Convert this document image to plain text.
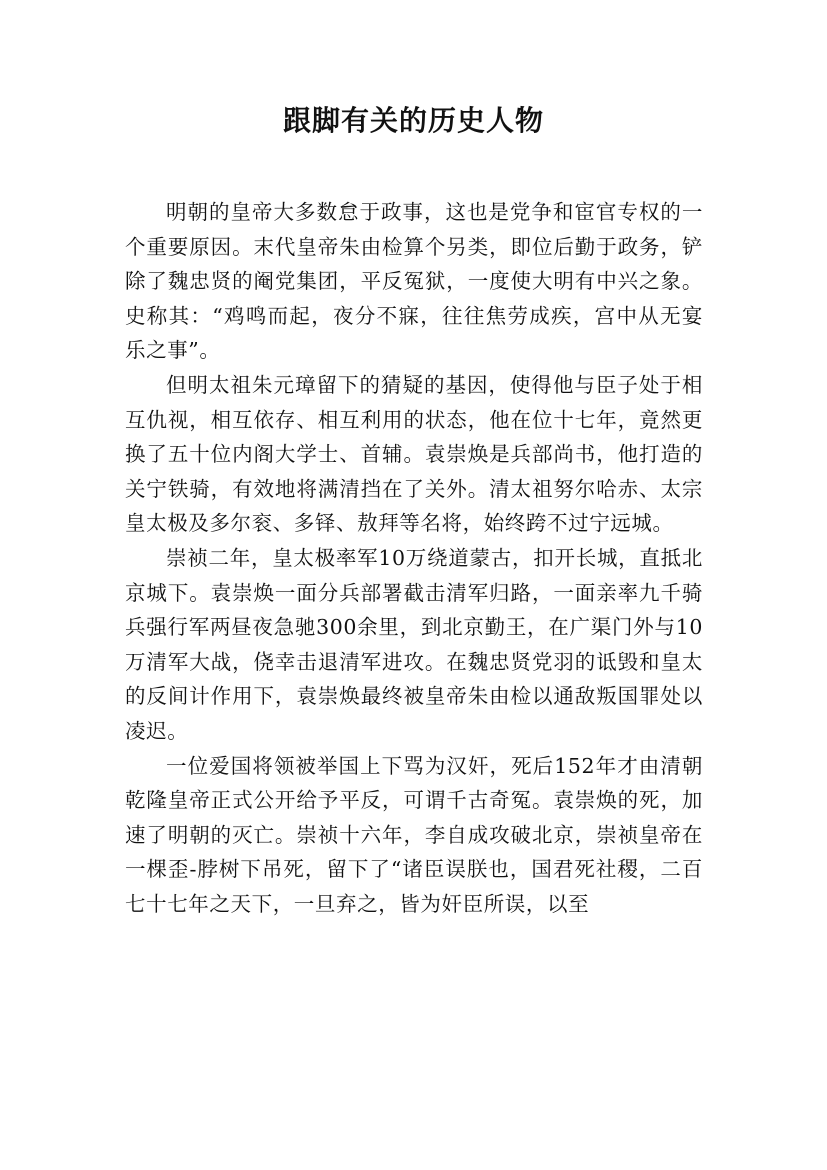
跟脚有关的历史人物

明朝的皇帝大多数怠于政事，这也是党争和宦官专权的一个重要原因。末代皇帝朱由检算个另类，即位后勤于政务，铲除了魏忠贤的阉党集团，平反冤狱，一度使大明有中兴之象。史称其：“鸡鸣而起，夜分不寐，往往焦劳成疾，宫中从无宴乐之事”。

但明太祖朱元璋留下的猜疑的基因，使得他与臣子处于相互仇视，相互依存、相互利用的状态，他在位十七年，竟然更换了五十位内阁大学士、首辅。袁崇焕是兵部尚书，他打造的关宁铁骑，有效地将满清挡在了关外。清太祖努尔哈赤、太宗皇太极及多尔衮、多铎、敖拜等名将，始终跨不过宁远城。

崇祯二年，皇太极率军10万绕道蒙古，扣开长城，直抵北京城下。袁崇焕一面分兵部署截击清军归路，一面亲率九千骑兵强行军两昼夜急驰300余里，到北京勤王，在广渠门外与10万清军大战，侥幸击退清军进攻。在魏忠贤党羽的诋毁和皇太的反间计作用下，袁崇焕最终被皇帝朱由检以通敌叛国罪处以凌迟。

一位爱国将领被举国上下骂为汉奸，死后152年才由清朝乾隆皇帝正式公开给予平反，可谓千古奇冤。袁崇焕的死，加速了明朝的灭亡。崇祯十六年，李自成攻破北京，崇祯皇帝在一棵歪-脖树下吊死，留下了“诸臣误朕也，国君死社稷，二百七十七年之天下，一旦弃之，皆为奸臣所误，以至
